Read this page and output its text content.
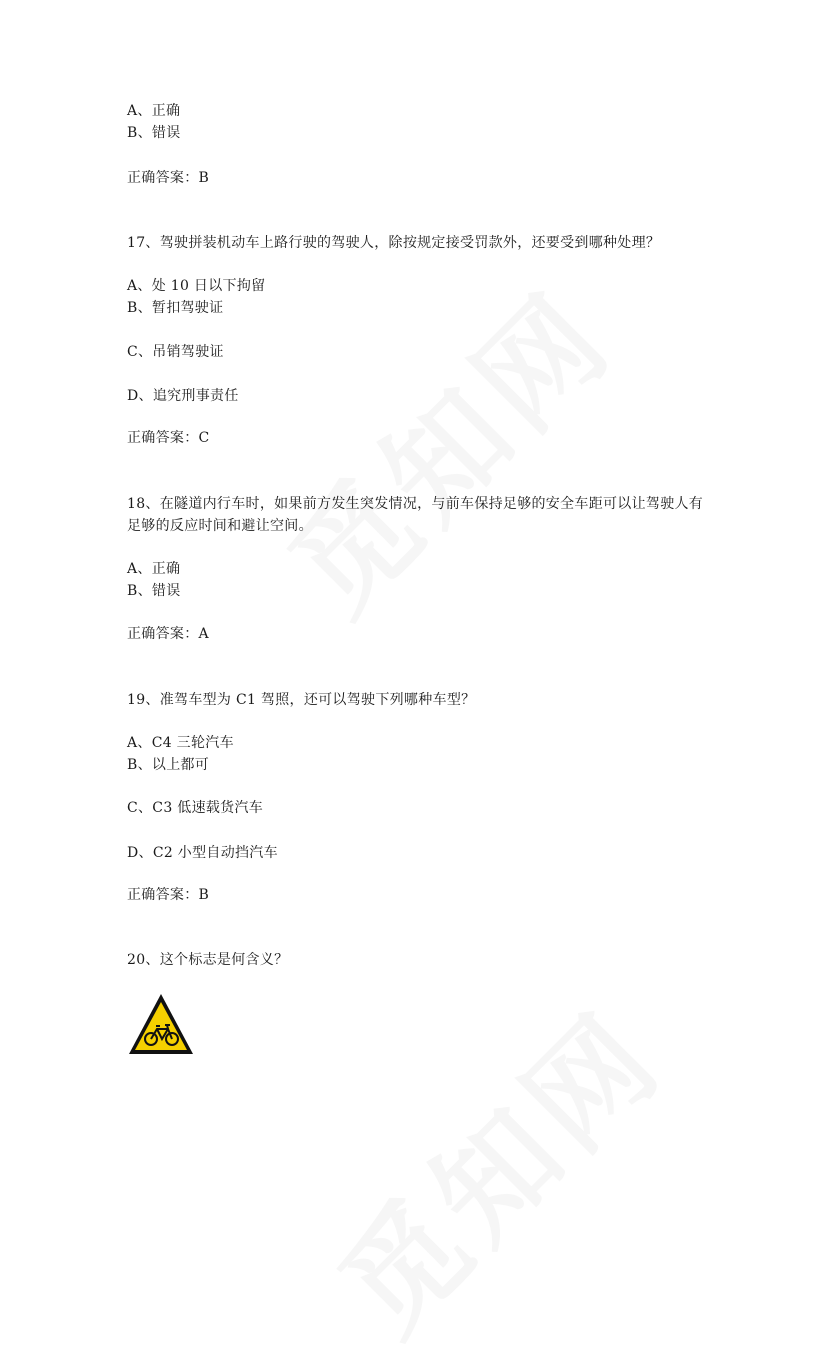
A、正确
B、错误
正确答案：B
17、驾驶拼装机动车上路行驶的驾驶人，除按规定接受罚款外，还要受到哪种处理？
A、处 10 日以下拘留
B、暂扣驾驶证
C、吊销驾驶证
D、追究刑事责任
正确答案：C
18、在隧道内行车时，如果前方发生突发情况，与前车保持足够的安全车距可以让驾驶人有足够的反应时间和避让空间。
A、正确
B、错误
正确答案：A
19、准驾车型为 C1 驾照，还可以驾驶下列哪种车型？
A、C4 三轮汽车
B、以上都可
C、C3 低速载货汽车
D、C2 小型自动挡汽车
正确答案：B
20、这个标志是何含义？
